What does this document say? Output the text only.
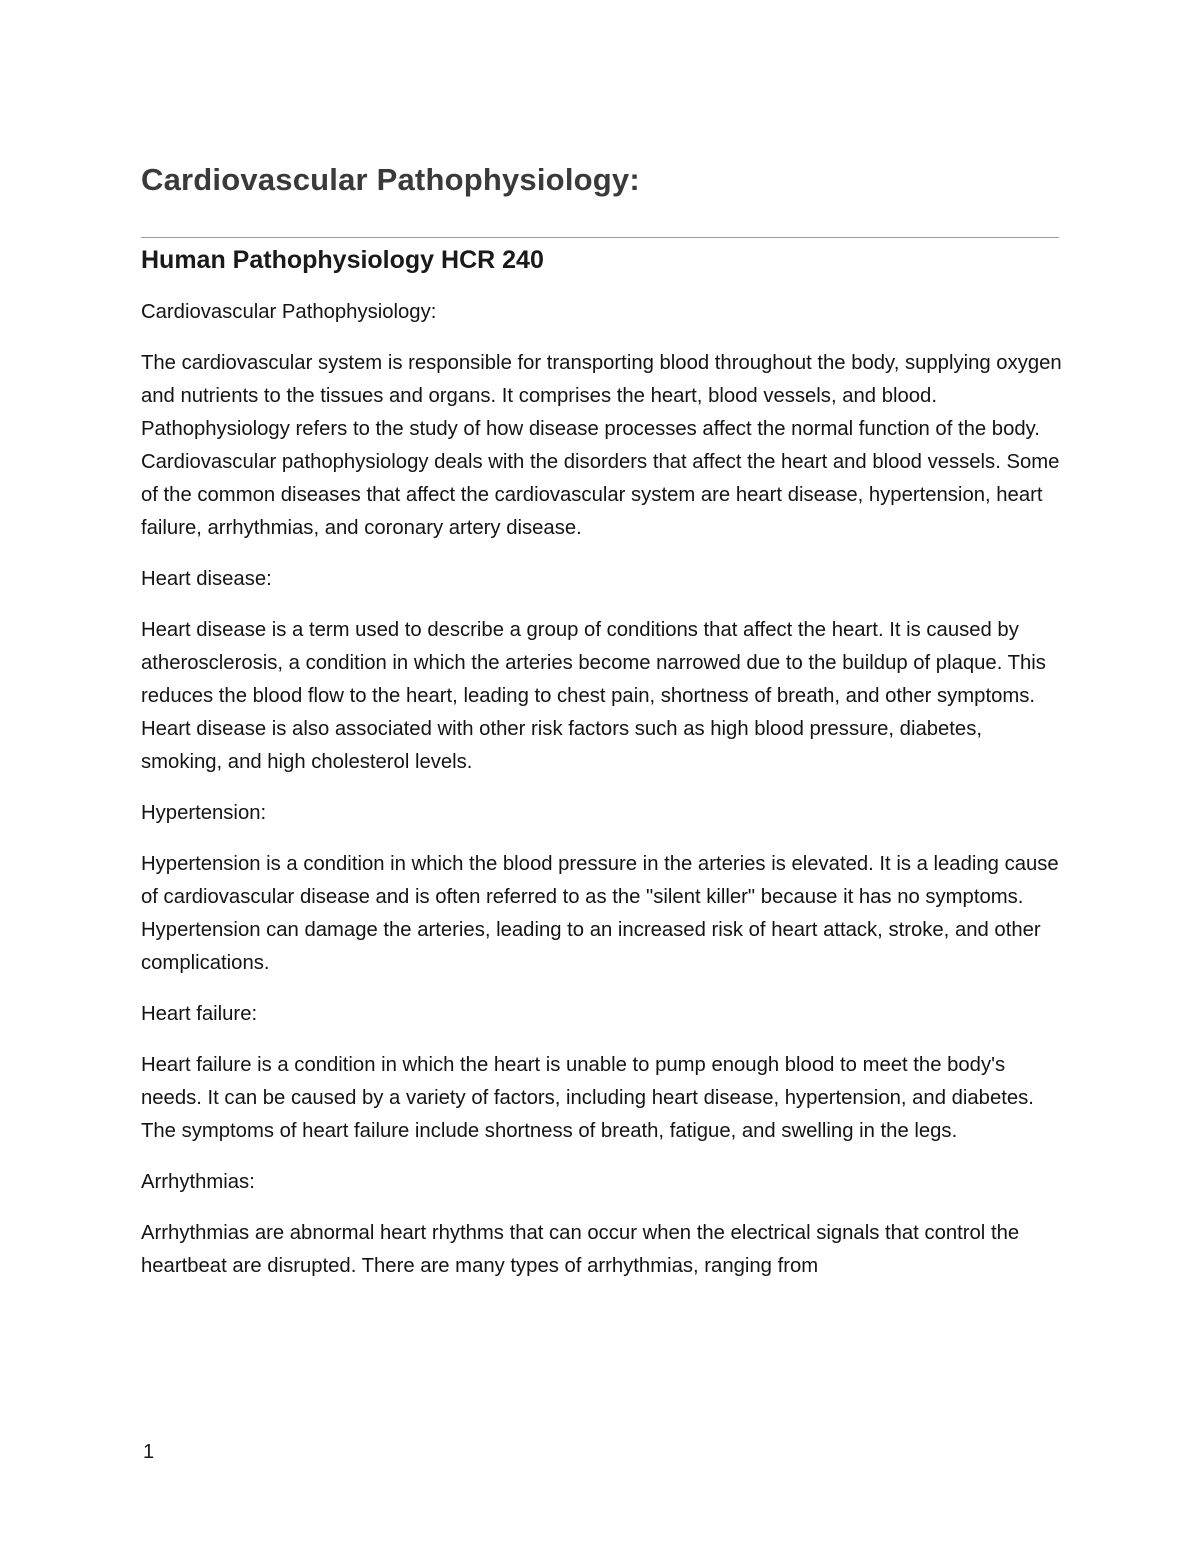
Cardiovascular Pathophysiology:
Human Pathophysiology HCR 240

Cardiovascular Pathophysiology:

The cardiovascular system is responsible for transporting blood throughout the body, supplying oxygen and nutrients to the tissues and organs. It comprises the heart, blood vessels, and blood. Pathophysiology refers to the study of how disease processes affect the normal function of the body. Cardiovascular pathophysiology deals with the disorders that affect the heart and blood vessels. Some of the common diseases that affect the cardiovascular system are heart disease, hypertension, heart failure, arrhythmias, and coronary artery disease.

Heart disease:

Heart disease is a term used to describe a group of conditions that affect the heart. It is caused by atherosclerosis, a condition in which the arteries become narrowed due to the buildup of plaque. This reduces the blood flow to the heart, leading to chest pain, shortness of breath, and other symptoms. Heart disease is also associated with other risk factors such as high blood pressure, diabetes, smoking, and high cholesterol levels.

Hypertension:

Hypertension is a condition in which the blood pressure in the arteries is elevated. It is a leading cause of cardiovascular disease and is often referred to as the "silent killer" because it has no symptoms. Hypertension can damage the arteries, leading to an increased risk of heart attack, stroke, and other complications.

Heart failure:

Heart failure is a condition in which the heart is unable to pump enough blood to meet the body's needs. It can be caused by a variety of factors, including heart disease, hypertension, and diabetes. The symptoms of heart failure include shortness of breath, fatigue, and swelling in the legs.

Arrhythmias:

Arrhythmias are abnormal heart rhythms that can occur when the electrical signals that control the heartbeat are disrupted. There are many types of arrhythmias, ranging from

1
